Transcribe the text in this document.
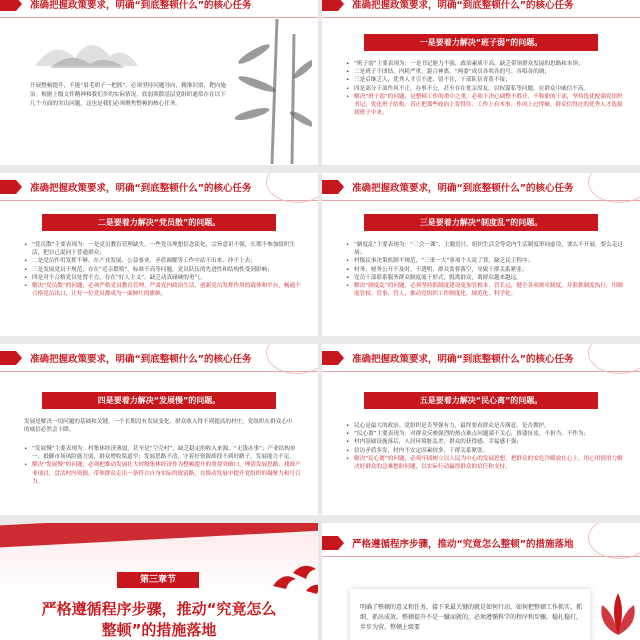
准确把握政策要求，明确“到底整顿什么”的核心任务
开展整顿提升，不能“眉毛胡子一把抓”，必须坚持问题导向，精准识别、靶向施治。根据上级文件精神和我们乡的实际情况，软弱涣散基层党组织通常存在以下几个方面的突出问题，这也是我们必须聚焦整顿的核心任务。
准确把握政策要求，明确“到底整顿什么”的核心任务
一是要着力解决“班子弱”的问题。
• “班子弱”主要表现为：一是书记能力不强，政治素质不高，缺乏带领群众发展的思路和本领；
• 二是班子不团结，内耗严重，貌合神离，“两委”成员各吹各的号、各唱各的调；
• 三是后继乏人，优秀人才引不进、留不住，干部队伍青黄不接；
• 四是部分干部作风不正，办事不公，甚至存在优亲厚友、以权谋私等问题，在群众中威信不高。
• 解决“班子弱”的问题，是整顿工作的重中之重。必须下决心调整不胜任、不称职的干部，坚持选优配强党组织书记，优化班子结构，真正把那些政治上靠得住、工作上有本事、作风上过得硬、群众信得过的优秀人才选拔到班子中来。
准确把握政策要求，明确“到底整顿什么”的核心任务
二是要着力解决“党员散”的问题。
• “党员散”主要表现为：一是党员教育管理缺失，一些党员理想信念淡化，宗旨意识不强，长期不参加组织生活，把自己混同于普通群众；
• 二是党员作用发挥不够，在产业发展、公益事业、矛盾调解等工作中站不出来、冲不上去；
• 三是发展党员不规范，存在“近亲繁殖”、标准不高等问题，党员队伍的先进性和结构性受到影响；
• 四是对不合格党员处置不力，存在“好人主义”，缺乏动真碰硬的勇气。
• 解决“党员散”的问题，必须严格党员教育管理，严肃党内政治生活，创新党员发挥作用的载体和平台，畅通不合格党员出口，让每一位党员都成为一面鲜红的旗帜。
准确把握政策要求，明确“到底整顿什么”的核心任务
三是要着力解决“制度乱”的问题。
• “制度乱”主要表现为：“三会一课”、主题党日、组织生活会等党内生活制度形同虚设，要么不开展，要么走过场；
• 村级议事决策机制不规范，“三重一大”事项个人说了算，缺乏民主程序；
• 村务、财务公开不及时、不透明，群众监督落空，导致干群关系紧张；
• 党员干部联系服务群众制度流于形式，脱离群众，离群众越来越远。
• 解决“制度乱”的问题，必须坚持抓制度建设更加管根本、管长远，健全各项规章制度，并狠抓制度执行，用制度管权、管事、管人，推动党组织工作制度化、规范化、科学化。
准确把握政策要求，明确“到底整顿什么”的核心任务
四是要着力解决“发展慢”的问题。
发展是解决一切问题的基础和关键。一个长期没有发展变化、群众收入得不到提高的村庄，党组织在群众心中的威信必然会下降。
• “发展慢”主要表现为：村集体经济薄弱，甚至是“空壳村”，缺乏稳定的收入来源，“无钱办事”；产业结构单一，抵御市场风险能力弱，群众增收渠道窄；发展思路不清，守着好资源却找不到好路子，发展能力不足。
• 解决“发展慢”的问题，必须把推动发展壮大村级集体经济作为整顿提升的重要突破口，理清发展思路，找准产业项目，盘活村内资源，带领群众走出一条符合自身实际的致富路，在推动发展中提升党组织的凝聚力和号召力。
准确把握政策要求，明确“到底整顿什么”的核心任务
五是要着力解决“民心离”的问题。
• 民心是最大的政治。党组织是否坚强有力，最终要看群众是否满意、是否拥护。
• “民心离”主要表现为：对群众反映强烈的热点难点问题漠不关心，推诿扯皮，不担当、不作为；
• 村内基础设施落后，人居环境脏乱差，群众的获得感、幸福感不强；
• 信访矛盾多发，村内不安定因素较多，干群关系紧张。
• 解决“民心离”的问题，必须牢固树立以人民为中心的发展思想，把群众的安危冷暖放在心上，用心用情用力解决好群众的急难愁盼问题，以实际行动赢得群众的信任和支持。
第三章节
严格遵循程序步骤，推动“究竟怎么
整顿”的措施落地
严格遵循程序步骤，推动“究竟怎么整顿”的措施落地
明确了整顿的意义和任务，接下来最关键的就是如何行动，如何把整顿工作抓实、抓细、抓出成效。整顿提升不是一蹴而就的，必须遵循科学的程序和步骤，稳扎稳打，步步为营。整顿上级要
